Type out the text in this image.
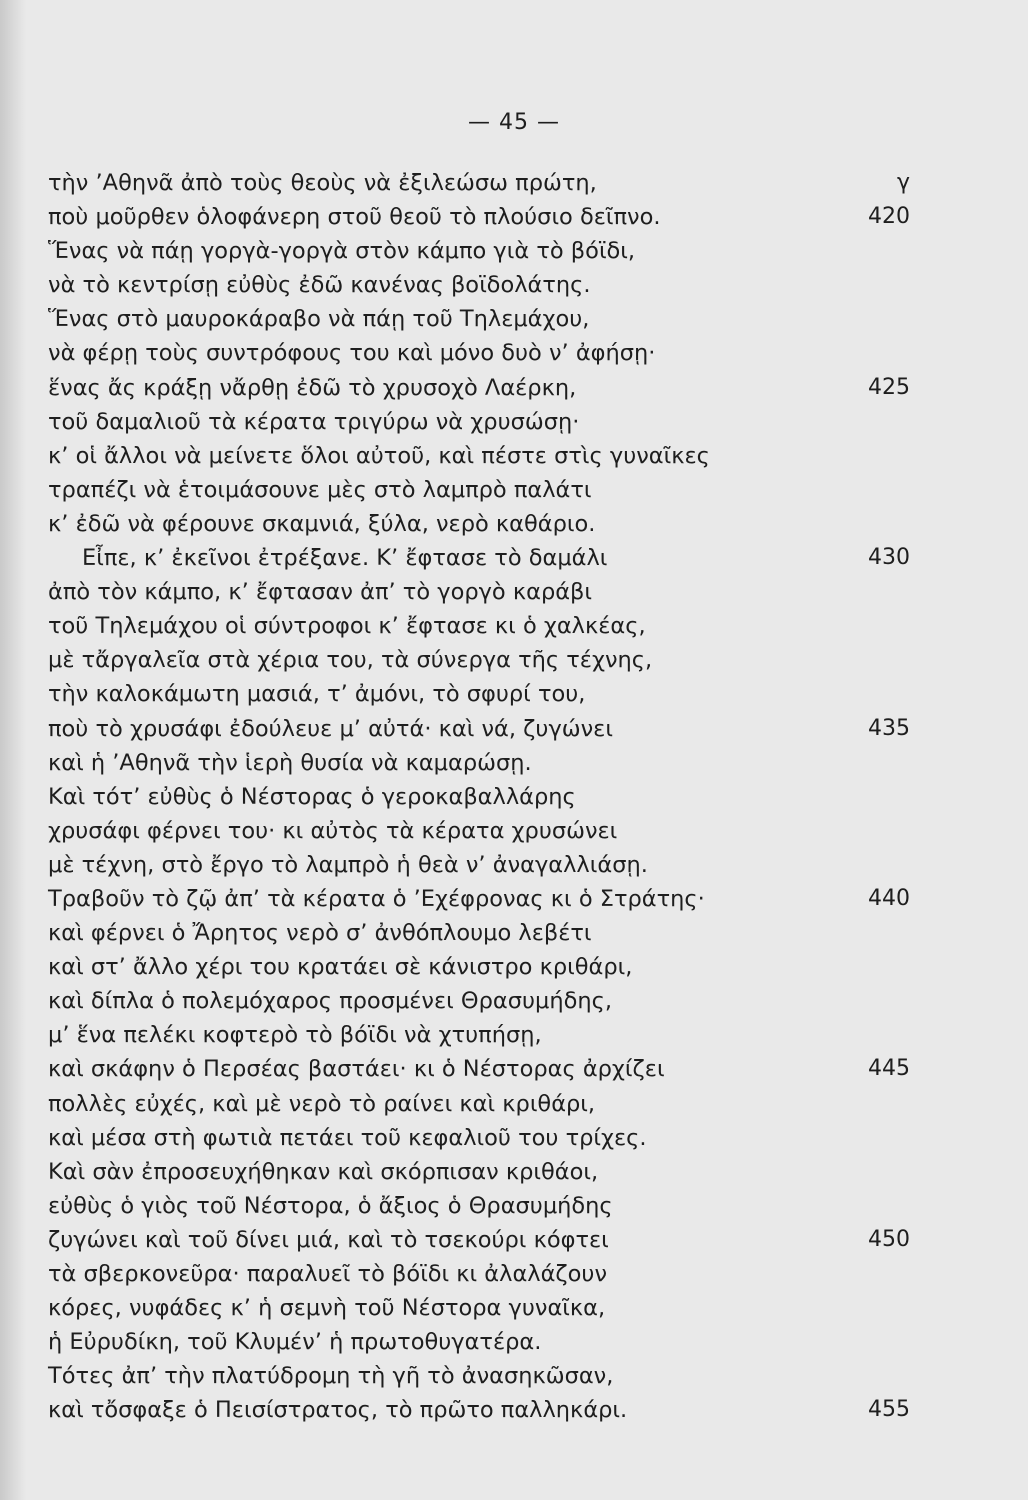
— 45 —
τὴν ’Αθηνᾶ ἀπὸ τοὺς θεοὺς νὰ ἐξιλεώσω πρώτη,	γ
ποὺ μοῦρθεν ὁλοφάνερη στοῦ θεοῦ τὸ πλούσιο δεῖπνο.	420
Ἕνας νὰ πάῃ γοργὰ-γοργὰ στὸν κάμπο γιὰ τὸ βόϊδι,
νὰ τὸ κεντρίσῃ εὐθὺς ἐδῶ κανένας βοϊδολάτης.
Ἕνας στὸ μαυροκάραβο νὰ πάῃ τοῦ Τηλεμάχου,
νὰ φέρῃ τοὺς συντρόφους του καὶ μόνο δυὸ ν’ ἀφήσῃ·
ἕνας ἄς κράξῃ νἄρθῃ ἐδῶ τὸ χρυσοχὸ Λαέρκη,	425
τοῦ δαμαλιοῦ τὰ κέρατα τριγύρω νὰ χρυσώσῃ·
κ’ οἱ ἄλλοι νὰ μείνετε ὅλοι αὐτοῦ, καὶ πέστε στὶς γυναῖκες
τραπέζι νὰ ἑτοιμάσουνε μὲς στὸ λαμπρὸ παλάτι
κ’ ἐδῶ νὰ φέρουνε σκαμνιά, ξύλα, νερὸ καθάριο.
Εἶπε, κ’ ἐκεῖνοι ἐτρέξανε. Κ’ ἔφτασε τὸ δαμάλι	430
ἀπὸ τὸν κάμπο, κ’ ἔφτασαν ἀπ’ τὸ γοργὸ καράβι
τοῦ Τηλεμάχου οἱ σύντροφοι κ’ ἔφτασε κι ὁ χαλκέας,
μὲ τἄργαλεῖα στὰ χέρια του, τὰ σύνεργα τῆς τέχνης,
τὴν καλοκάμωτη μασιά, τ’ ἀμόνι, τὸ σφυρί του,
ποὺ τὸ χρυσάφι ἐδούλευε μ’ αὐτά· καὶ νά, ζυγώνει	435
καὶ ἡ ’Αθηνᾶ τὴν ἱερὴ θυσία νὰ καμαρώσῃ.
Καὶ τότ’ εὐθὺς ὁ Νέστορας ὁ γεροκαβαλλάρης
χρυσάφι φέρνει του· κι αὐτὸς τὰ κέρατα χρυσώνει
μὲ τέχνη, στὸ ἔργο τὸ λαμπρὸ ἡ θεὰ ν’ ἀναγαλλιάσῃ.
Τραβοῦν τὸ ζῷ ἀπ’ τὰ κέρατα ὁ ’Εχέφρονας κι ὁ Στράτης·	440
καὶ φέρνει ὁ Ἄρητος νερὸ σ’ ἀνθόπλουμο λεβέτι
καὶ στ’ ἄλλο χέρι του κρατάει σὲ κάνιστρο κριθάρι,
καὶ δίπλα ὁ πολεμόχαρος προσμένει Θρασυμήδης,
μ’ ἕνα πελέκι κοφτερὸ τὸ βόϊδι νὰ χτυπήσῃ,
καὶ σκάφην ὁ Περσέας βαστάει· κι ὁ Νέστορας ἀρχίζει	445
πολλὲς εὐχές, καὶ μὲ νερὸ τὸ ραίνει καὶ κριθάρι,
καὶ μέσα στὴ φωτιὰ πετάει τοῦ κεφαλιοῦ του τρίχες.
Καὶ σὰν ἐπροσευχήθηκαν καὶ σκόρπισαν κριθάοι,
εὐθὺς ὁ γιὸς τοῦ Νέστορα, ὁ ἄξιος ὁ Θρασυμήδης
ζυγώνει καὶ τοῦ δίνει μιά, καὶ τὸ τσεκούρι κόφτει	450
τὰ σβερκονεῦρα· παραλυεῖ τὸ βόϊδι κι ἀλαλάζουν
κόρες, νυφάδες κ’ ἡ σεμνὴ τοῦ Νέστορα γυναῖκα,
ἡ Εὐρυδίκη, τοῦ Κλυμέν’ ἡ πρωτοθυγατέρα.
Τότες ἀπ’ τὴν πλατύδρομη τὴ γῆ τὸ ἀνασηκῶσαν,
καὶ τὄσφαξε ὁ Πεισίστρατος, τὸ πρῶτο παλληκάρι.	455
